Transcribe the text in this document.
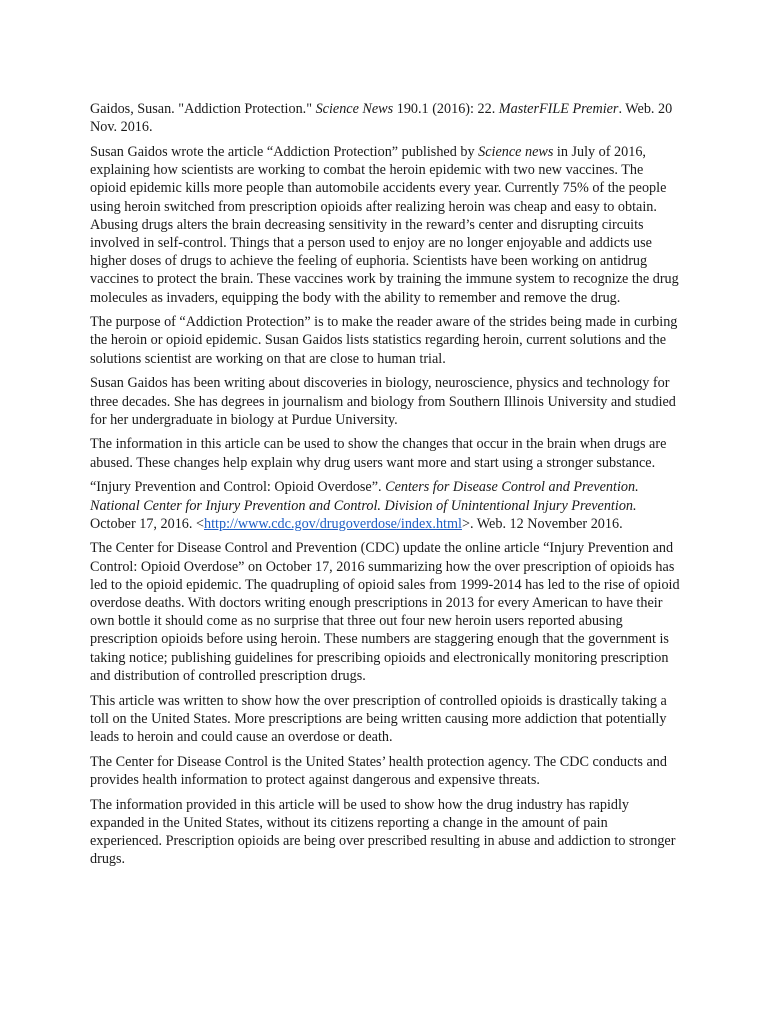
Gaidos, Susan. "Addiction Protection." Science News 190.1 (2016): 22. MasterFILE Premier. Web. 20 Nov. 2016.

Susan Gaidos wrote the article “Addiction Protection” published by Science news in July of 2016, explaining how scientists are working to combat the heroin epidemic with two new vaccines. The opioid epidemic kills more people than automobile accidents every year. Currently 75% of the people using heroin switched from prescription opioids after realizing heroin was cheap and easy to obtain. Abusing drugs alters the brain decreasing sensitivity in the reward’s center and disrupting circuits involved in self-control. Things that a person used to enjoy are no longer enjoyable and addicts use higher doses of drugs to achieve the feeling of euphoria. Scientists have been working on antidrug vaccines to protect the brain. These vaccines work by training the immune system to recognize the drug molecules as invaders, equipping the body with the ability to remember and remove the drug.

The purpose of “Addiction Protection” is to make the reader aware of the strides being made in curbing the heroin or opioid epidemic. Susan Gaidos lists statistics regarding heroin, current solutions and the solutions scientist are working on that are close to human trial.

Susan Gaidos has been writing about discoveries in biology, neuroscience, physics and technology for three decades. She has degrees in journalism and biology from Southern Illinois University and studied for her undergraduate in biology at Purdue University.

The information in this article can be used to show the changes that occur in the brain when drugs are abused. These changes help explain why drug users want more and start using a stronger substance.

“Injury Prevention and Control: Opioid Overdose”. Centers for Disease Control and Prevention. National Center for Injury Prevention and Control. Division of Unintentional Injury Prevention. October 17, 2016. <http://www.cdc.gov/drugoverdose/index.html>. Web. 12 November 2016.

The Center for Disease Control and Prevention (CDC) update the online article “Injury Prevention and Control: Opioid Overdose” on October 17, 2016 summarizing how the over prescription of opioids has led to the opioid epidemic. The quadrupling of opioid sales from 1999-2014 has led to the rise of opioid overdose deaths. With doctors writing enough prescriptions in 2013 for every American to have their own bottle it should come as no surprise that three out four new heroin users reported abusing prescription opioids before using heroin. These numbers are staggering enough that the government is taking notice; publishing guidelines for prescribing opioids and electronically monitoring prescription and distribution of controlled prescription drugs.

This article was written to show how the over prescription of controlled opioids is drastically taking a toll on the United States. More prescriptions are being written causing more addiction that potentially leads to heroin and could cause an overdose or death.

The Center for Disease Control is the United States’ health protection agency. The CDC conducts and provides health information to protect against dangerous and expensive threats.

The information provided in this article will be used to show how the drug industry has rapidly expanded in the United States, without its citizens reporting a change in the amount of pain experienced. Prescription opioids are being over prescribed resulting in abuse and addiction to stronger drugs.
